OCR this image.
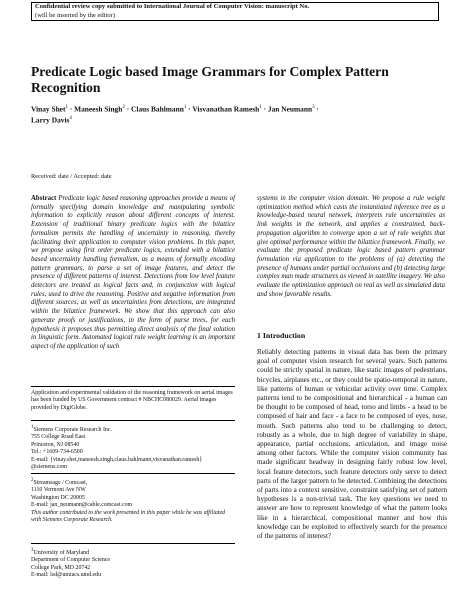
Confidential review copy submitted to International Journal of Computer Vision: manuscript No.
(will be inserted by the editor)
Predicate Logic based Image Grammars for Complex Pattern Recognition
Vinay Shet$^1$ · Maneesh Singh$^2$ · Claus Bahlmann$^1$ · Visvanathan Ramesh$^1$ · Jan Neumann$^3$ · Larry Davis$^4$
Received: date / Accepted: date
Abstract Predicate logic based reasoning approaches provide a means of formally specifying domain knowledge and manipulating symbolic information to explicitly reason about different concepts of interest. Extension of traditional binary predicate logics with the bilattice formalism permits the handling of uncertainty in reasoning, thereby facilitating their application to computer vision problems. In this paper, we propose using first order predicate logics, extended with a bilattice based uncertainty handling formalism, as a means of formally encoding pattern grammars, to parse a set of image features, and detect the presence of different patterns of interest. Detections from low level feature detectors are treated as logical facts and, in conjunction with logical rules, used to drive the reasoning. Positive and negative information from different sources, as well as uncertainties from detections, are integrated within the bilattice framework. We show that this approach can also generate proofs or justifications, in the form of parse trees, for each hypothesis it proposes thus permitting direct analysis of the final solution in linguistic form. Automated logical rule weight learning is an important aspect of the application of such
systems in the computer vision domain. We propose a rule weight optimization method which casts the instantiated inference tree as a knowledge-based neural network, interprets rule uncertainties as link weights in the network, and applies a constrained, back-propagation algorithm to converge upon a set of rule weights that give optimal performance within the bilattice framework. Finally, we evaluate the proposed predicate logic based pattern grammar formulation via application to the problems of (a) detecting the presence of humans under partial occlusions and (b) detecting large complex man made structures as viewed in satellite imagery. We also evaluate the optimization approach on real as well as simulated data and show favorable results.
Application and experimental validation of the reasoning framework on aerial images has been funded by US Government contract # NBCHC080029. Aerial images provided by DigiGlobe.
$^1$Siemens Corporate Research Inc.
755 College Road East
Princeton, NJ 08540
Tel.: +1609-734-6500
E-mail: {vinay.shet,maneesh.singh,claus.bahlmann,visvanathan.ramesh}
@siemens.com
$^2$Streamsage / Comcast,
1110 Vermont Ave NW
Washington DC 20005
E-mail: jan_neumann@cable.comcast.com
This author contributed to the work presented in this paper while he was affiliated with Siemens Corporate Research.
$^3$University of Maryland
Department of Computer Science
College Park, MD 20742
E-mail: lsd@umiacs.umd.edu
1 Introduction
Reliably detecting patterns in visual data has been the primary goal of computer vision research for several years. Such patterns could be strictly spatial in nature, like static images of pedestrians, bicycles, airplanes etc., or they could be spatio-temporal in nature, like patterns of human or vehicular activity over time. Complex patterns tend to be compositional and hierarchical - a human can be thought to be composed of head, torso and limbs - a head to be composed of hair and face - a face to be composed of eyes, nose, mouth. Such patterns also tend to be challenging to detect, robustly as a whole, due to high degree of variability in shape, appearance, partial occlusions, articulation, and image noise among other factors. While the computer vision community has made significant headway in designing fairly robust low level, local feature detectors, such feature detectors only serve to detect parts of the larger pattern to be detected. Combining the detections of parts into a context sensitive, constraint satisfying set of pattern hypotheses is a non-trivial task. The key questions we need to answer are how to represent knowledge of what the pattern looks like in a hierarchical, compositional manner and how this knowledge can be exploited to effectively search for the presence of the patterns of interest?
